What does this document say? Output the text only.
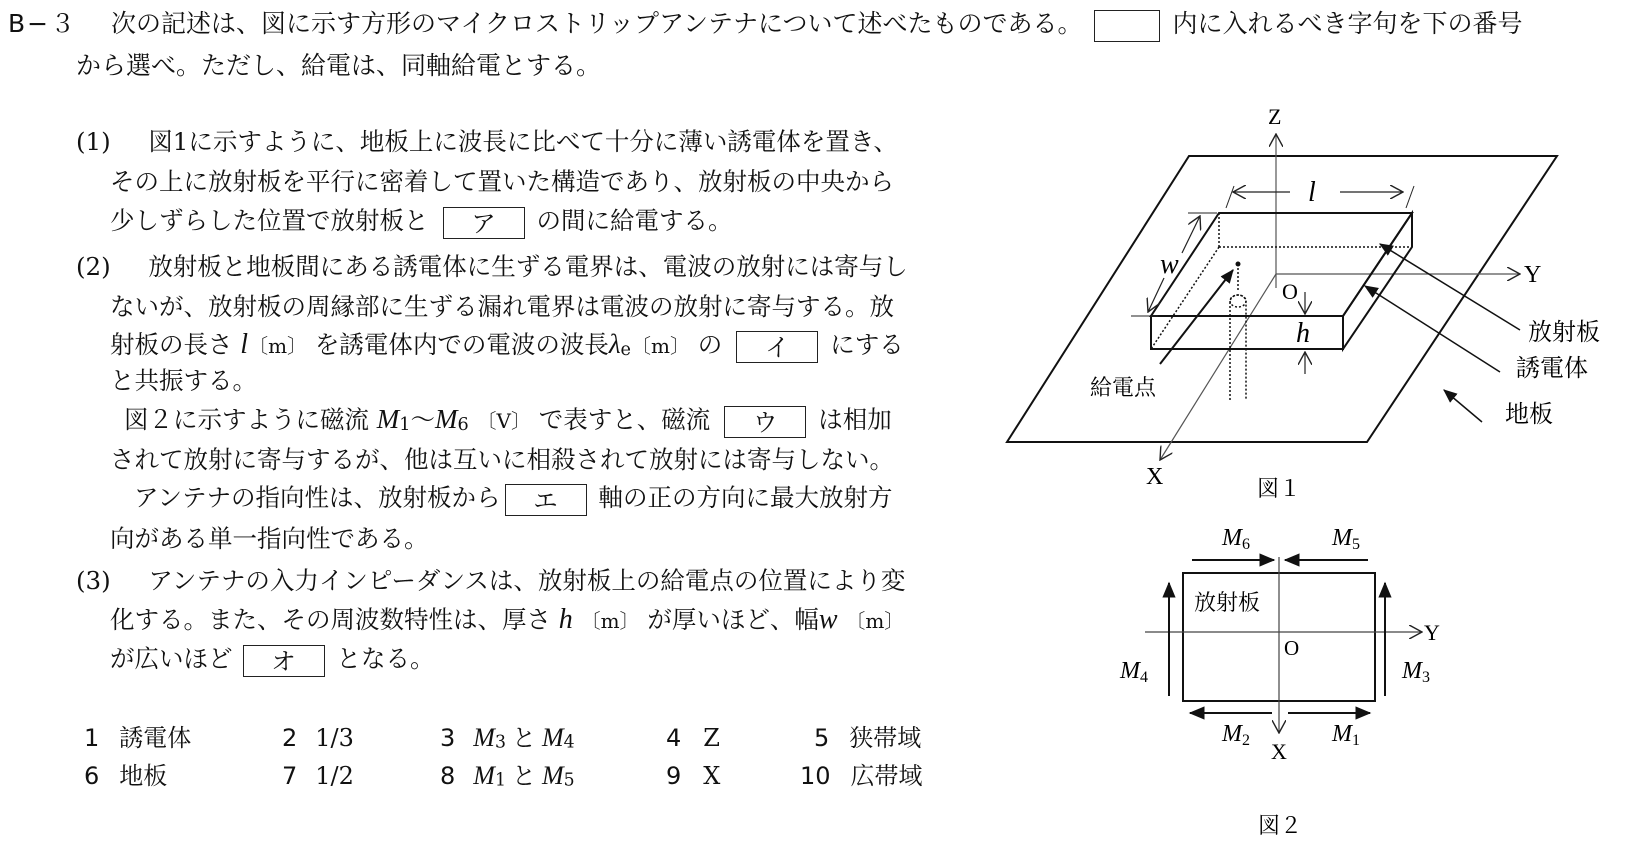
B−３ 次の記述は、図に示す方形のマイクロストリップアンテナについて述べたものである。	内に入れるべき字句を下の番号
から選べ。ただし、給電は、同軸給電とする。
(1) 図1に示すように、地板上に波長に比べて十分に薄い誘電体を置き、
その上に放射板を平行に密着して置いた構造であり、放射板の中央から
少しずらした位置で放射板と ア の間に給電する。
(2) 放射板と地板間にある誘電体に生ずる電界は、電波の放射には寄与し
ないが、放射板の周縁部に生ずる漏れ電界は電波の放射に寄与する。放
射板の長さ l〔m〕 を誘電体内での電波の波長λe〔m〕 の イ にする
と共振する。
図２に示すように磁流 M1～M6 〔V〕 で表すと、磁流 ウ は相加
されて放射に寄与するが、他は互いに相殺されて放射には寄与しない。
アンテナの指向性は、放射板から エ 軸の正の方向に最大放射方
向がある単一指向性である。
(3) アンテナの入力インピーダンスは、放射板上の給電点の位置により変
化する。また、その周波数特性は、厚さ h 〔m〕 が厚いほど、幅w 〔m〕
が広いほど オ となる。
1 誘電体	2 1/3	3 M3 と M4	4 Z	5 狭帯域
6 地板	7 1/2	8 M1 と M5	9 X	10 広帯域
Z
Y
X
O
給電点
l
w
h	放射板
誘電体
地板
図１
Y
X
O
放射板
M6	M5
M4	M3
M2	M1
図２
